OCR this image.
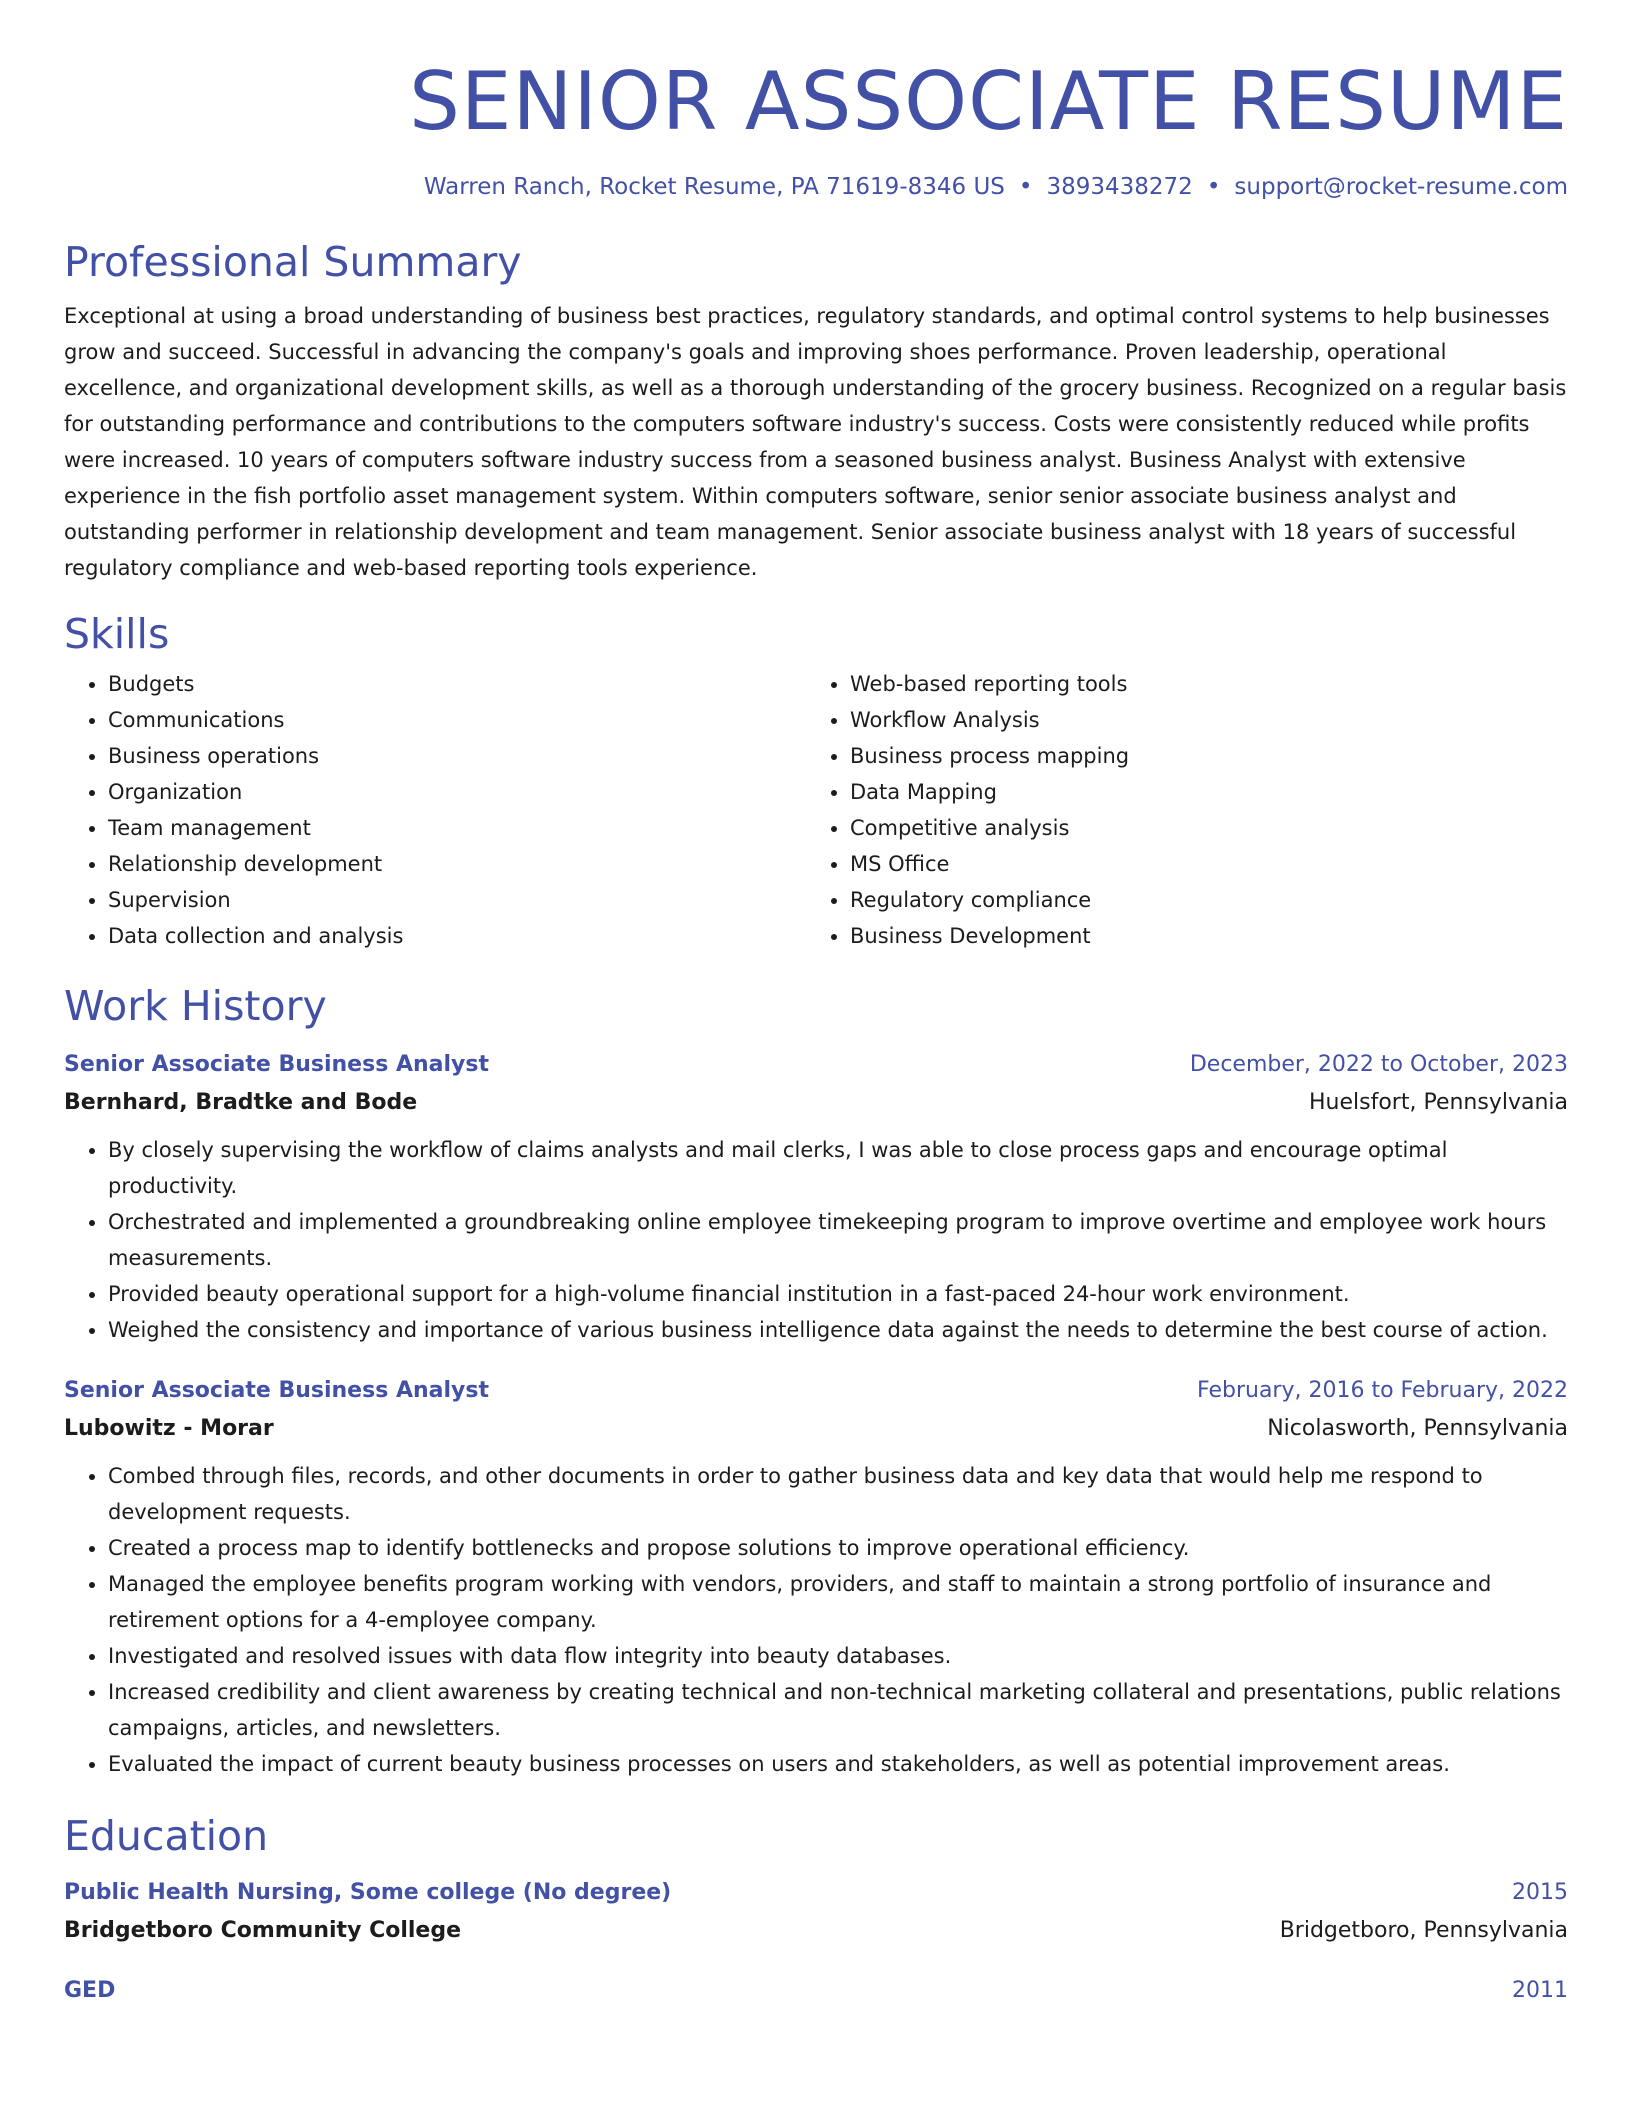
SENIOR ASSOCIATE RESUME
Warren Ranch, Rocket Resume, PA 71619-8346 US • 3893438272 • support@rocket-resume.com
Professional Summary

Exceptional at using a broad understanding of business best practices, regulatory standards, and optimal control systems to help businesses grow and succeed. Successful in advancing the company's goals and improving shoes performance. Proven leadership, operational excellence, and organizational development skills, as well as a thorough understanding of the grocery business. Recognized on a regular basis for outstanding performance and contributions to the computers software industry's success. Costs were consistently reduced while profits were increased. 10 years of computers software industry success from a seasoned business analyst. Business Analyst with extensive experience in the fish portfolio asset management system. Within computers software, senior senior associate business analyst and outstanding performer in relationship development and team management. Senior associate business analyst with 18 years of successful regulatory compliance and web-based reporting tools experience.

Skills
• Budgets
• Communications
• Business operations
• Organization
• Team management
• Relationship development
• Supervision
• Data collection and analysis
• Web-based reporting tools
• Workflow Analysis
• Business process mapping
• Data Mapping
• Competitive analysis
• MS Office
• Regulatory compliance
• Business Development
Work History
Senior Associate Business Analyst	December, 2022 to October, 2023
Bernhard, Bradtke and Bode	Huelsfort, Pennsylvania
• By closely supervising the workflow of claims analysts and mail clerks, I was able to close process gaps and encourage optimal productivity.
• Orchestrated and implemented a groundbreaking online employee timekeeping program to improve overtime and employee work hours measurements.
• Provided beauty operational support for a high-volume financial institution in a fast-paced 24-hour work environment.
• Weighed the consistency and importance of various business intelligence data against the needs to determine the best course of action.
Senior Associate Business Analyst	February, 2016 to February, 2022
Lubowitz - Morar	Nicolasworth, Pennsylvania
• Combed through files, records, and other documents in order to gather business data and key data that would help me respond to development requests.
• Created a process map to identify bottlenecks and propose solutions to improve operational efficiency.
• Managed the employee benefits program working with vendors, providers, and staff to maintain a strong portfolio of insurance and retirement options for a 4-employee company.
• Investigated and resolved issues with data flow integrity into beauty databases.
• Increased credibility and client awareness by creating technical and non-technical marketing collateral and presentations, public relations campaigns, articles, and newsletters.
• Evaluated the impact of current beauty business processes on users and stakeholders, as well as potential improvement areas.
Education
Public Health Nursing, Some college (No degree)	2015
Bridgetboro Community College	Bridgetboro, Pennsylvania
GED	2011
